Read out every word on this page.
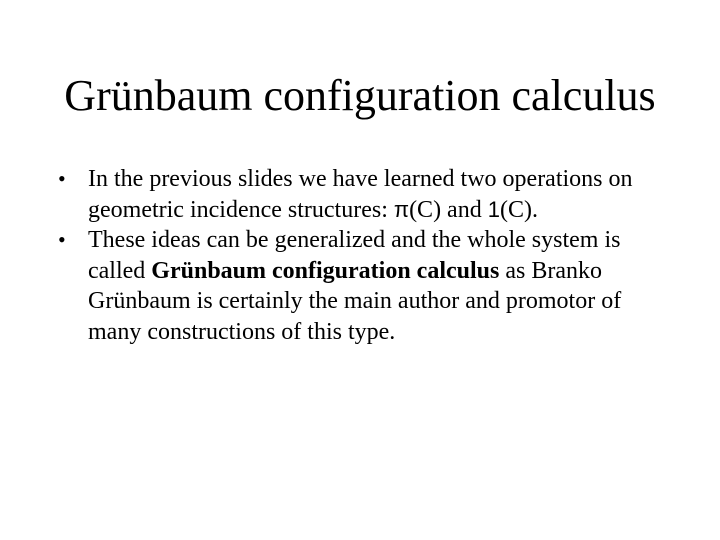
Grünbaum configuration calculus
• In the previous slides we have learned two operations on geometric incidence structures: π(C) and 1(C).
• These ideas can be generalized and the whole system is called Grünbaum configuration calculus as Branko Grünbaum is certainly the main author and promotor of many constructions of this type.
